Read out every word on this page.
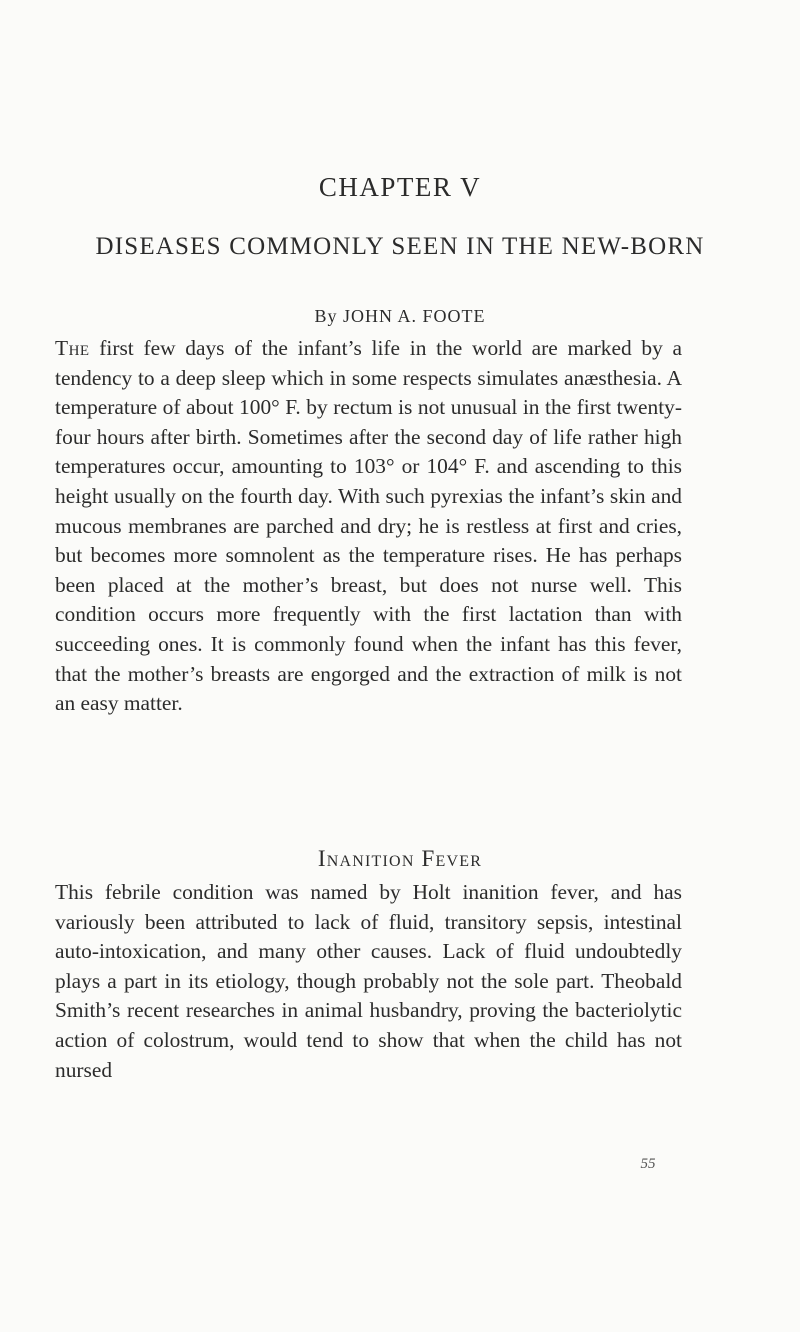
CHAPTER V
DISEASES COMMONLY SEEN IN THE NEW-BORN
By JOHN A. FOOTE

The first few days of the infant’s life in the world are marked by a tendency to a deep sleep which in some respects simulates anæsthesia. A temperature of about 100° F. by rectum is not unusual in the first twenty-four hours after birth. Sometimes after the second day of life rather high temperatures occur, amounting to 103° or 104° F. and ascending to this height usually on the fourth day. With such pyrexias the infant’s skin and mucous membranes are parched and dry; he is restless at first and cries, but becomes more somnolent as the temperature rises. He has perhaps been placed at the mother’s breast, but does not nurse well. This condition occurs more frequently with the first lactation than with succeeding ones. It is commonly found when the infant has this fever, that the mother’s breasts are engorged and the extraction of milk is not an easy matter.

Inanition Fever

This febrile condition was named by Holt inanition fever, and has variously been attributed to lack of fluid, transitory sepsis, intestinal auto-intoxication, and many other causes. Lack of fluid undoubtedly plays a part in its etiology, though probably not the sole part. Theobald Smith’s recent researches in animal husbandry, proving the bacteriolytic action of colostrum, would tend to show that when the child has not nursed

55
